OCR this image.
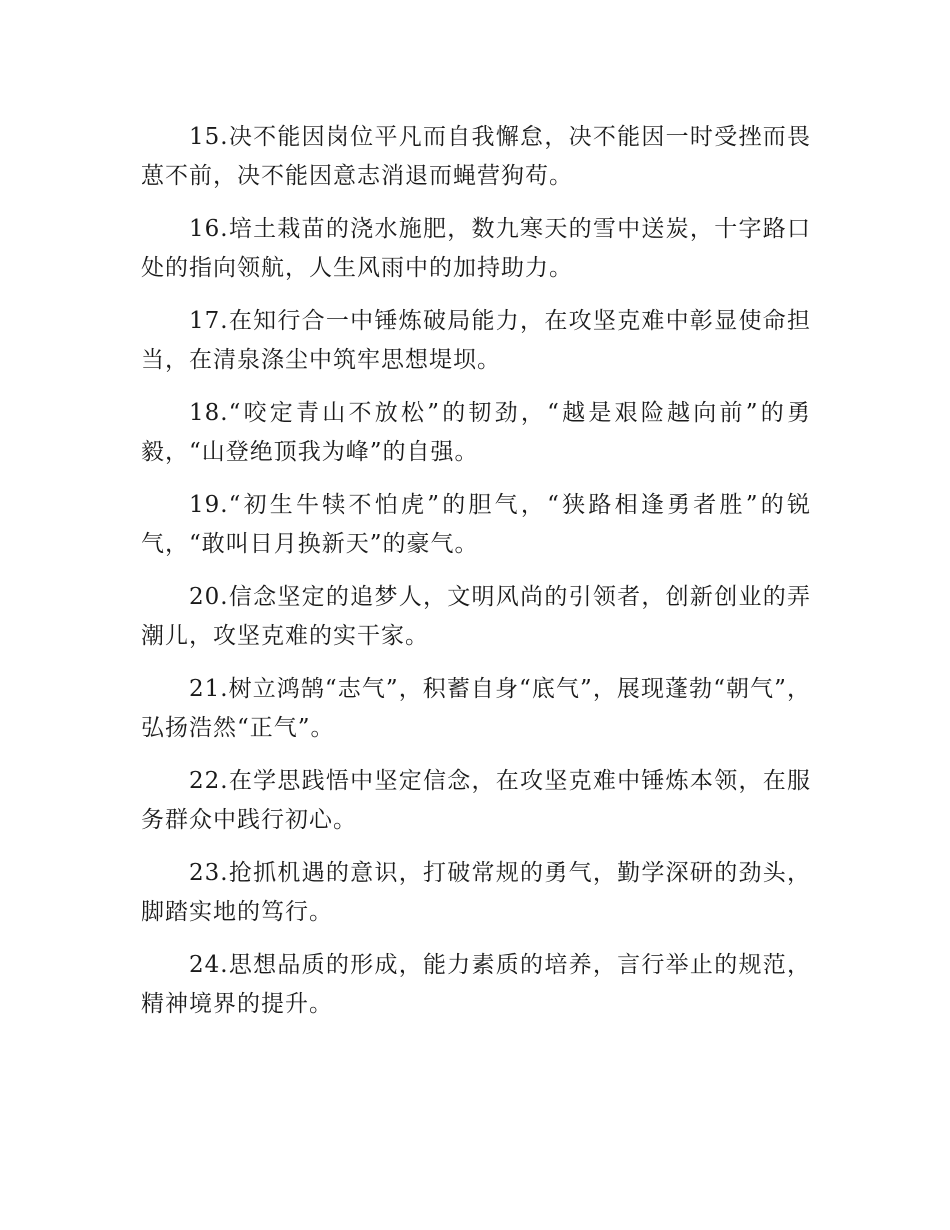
15.决不能因岗位平凡而自我懈怠，决不能因一时受挫而畏葸不前，决不能因意志消退而蝇营狗苟。

16.培土栽苗的浇水施肥，数九寒天的雪中送炭，十字路口处的指向领航，人生风雨中的加持助力。

17.在知行合一中锤炼破局能力，在攻坚克难中彰显使命担当，在清泉涤尘中筑牢思想堤坝。

18.“咬定青山不放松”的韧劲，“越是艰险越向前”的勇毅，“山登绝顶我为峰”的自强。

19.“初生牛犊不怕虎”的胆气，“狭路相逢勇者胜”的锐气，“敢叫日月换新天”的豪气。

20.信念坚定的追梦人，文明风尚的引领者，创新创业的弄潮儿，攻坚克难的实干家。

21.树立鸿鹄“志气”，积蓄自身“底气”，展现蓬勃“朝气”，弘扬浩然“正气”。

22.在学思践悟中坚定信念，在攻坚克难中锤炼本领，在服务群众中践行初心。

23.抢抓机遇的意识，打破常规的勇气，勤学深研的劲头，脚踏实地的笃行。

24.思想品质的形成，能力素质的培养，言行举止的规范，精神境界的提升。
